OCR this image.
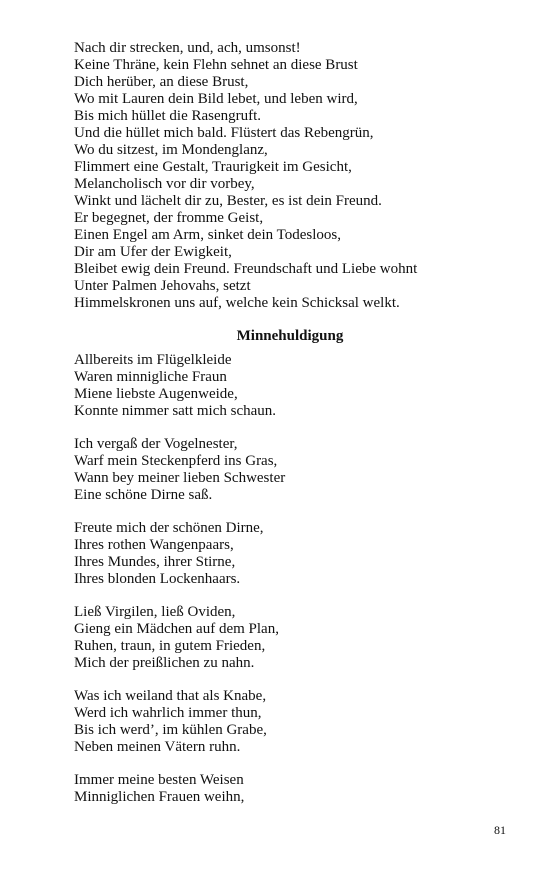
Nach dir strecken, und, ach, umsonst!
Keine Thräne, kein Flehn sehnet an diese Brust
Dich herüber, an diese Brust,
Wo mit Lauren dein Bild lebet, und leben wird,
Bis mich hüllet die Rasengruft.
Und die hüllet mich bald. Flüstert das Rebengrün,
Wo du sitzest, im Mondenglanz,
Flimmert eine Gestalt, Traurigkeit im Gesicht,
Melancholisch vor dir vorbey,
Winkt und lächelt dir zu, Bester, es ist dein Freund.
Er begegnet, der fromme Geist,
Einen Engel am Arm, sinket dein Todesloos,
Dir am Ufer der Ewigkeit,
Bleibet ewig dein Freund. Freundschaft und Liebe wohnt
Unter Palmen Jehovahs, setzt
Himmelskronen uns auf, welche kein Schicksal welkt.
Minnehuldigung
Allbereits im Flügelkleide
Waren minnigliche Fraun
Miene liebste Augenweide,
Konnte nimmer satt mich schaun.
Ich vergaß der Vogelnester,
Warf mein Steckenpferd ins Gras,
Wann bey meiner lieben Schwester
Eine schöne Dirne saß.
Freute mich der schönen Dirne,
Ihres rothen Wangenpaars,
Ihres Mundes, ihrer Stirne,
Ihres blonden Lockenhaars.
Ließ Virgilen, ließ Oviden,
Gieng ein Mädchen auf dem Plan,
Ruhen, traun, in gutem Frieden,
Mich der preißlichen zu nahn.
Was ich weiland that als Knabe,
Werd ich wahrlich immer thun,
Bis ich werd’, im kühlen Grabe,
Neben meinen Vätern ruhn.
Immer meine besten Weisen
Minniglichen Frauen weihn,
81
